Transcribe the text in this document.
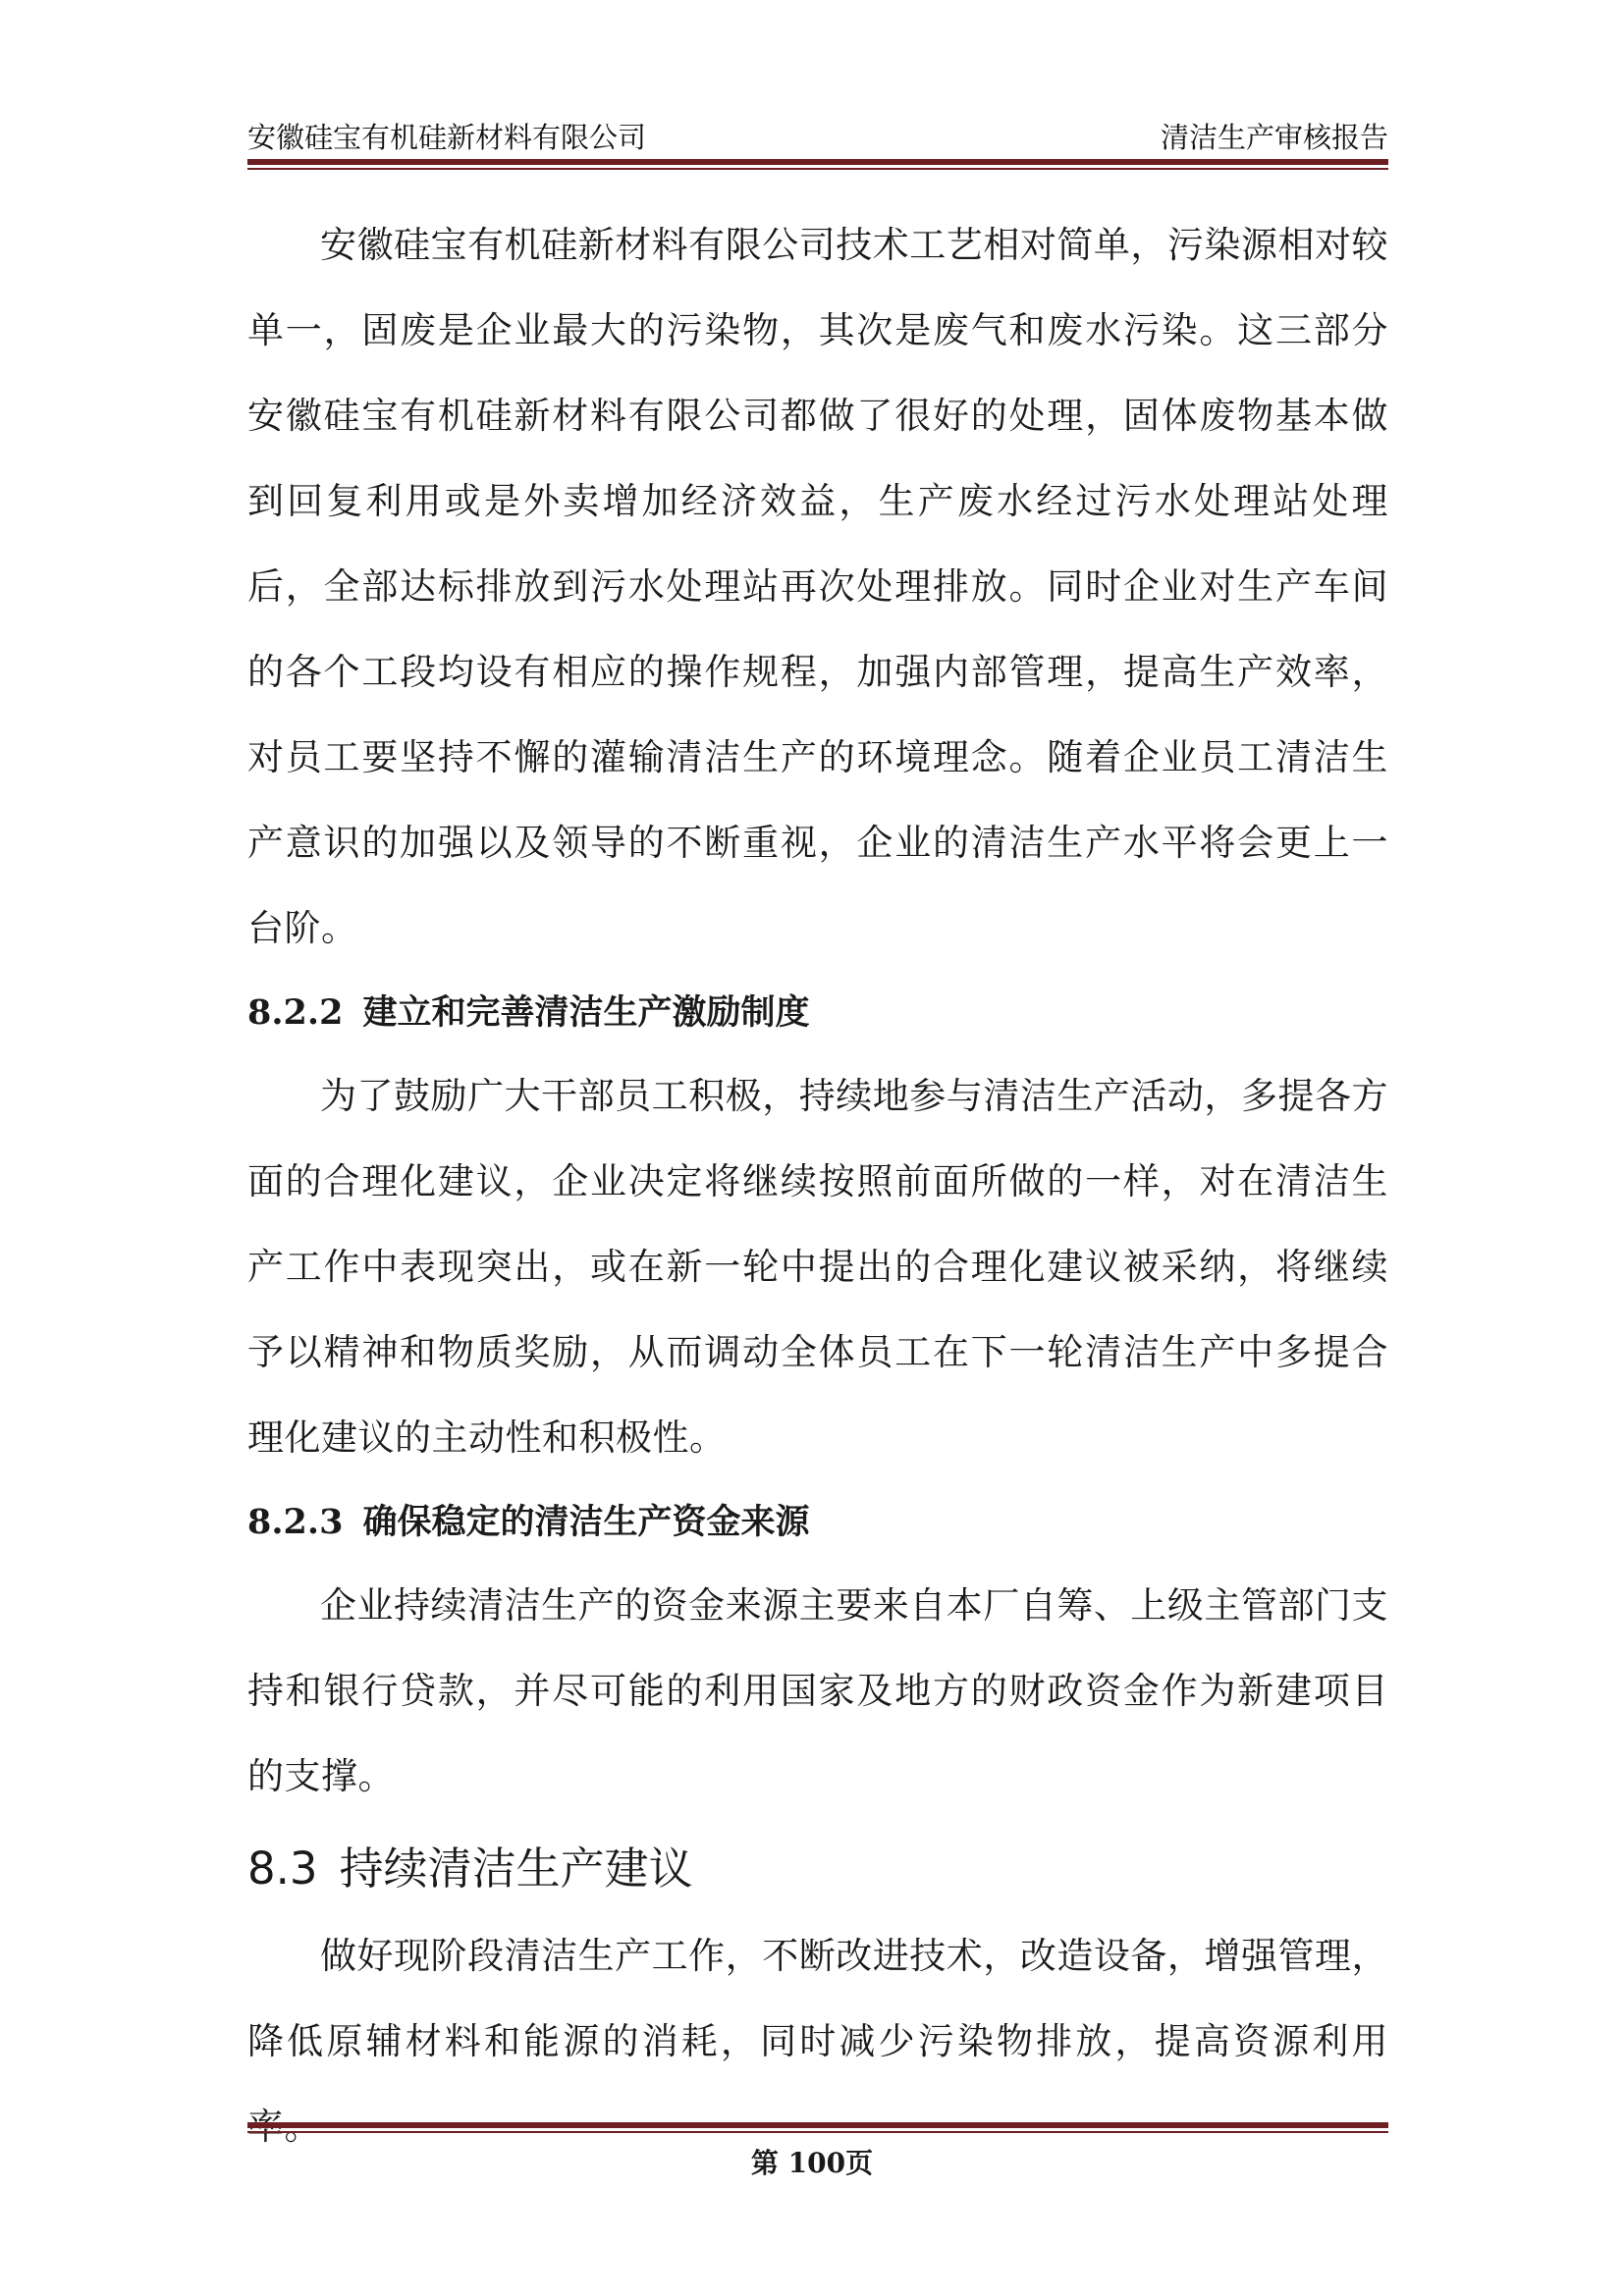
安徽硅宝有机硅新材料有限公司	清洁生产审核报告

安徽硅宝有机硅新材料有限公司技术工艺相对简单，污染源相对较单一，固废是企业最大的污染物，其次是废气和废水污染。这三部分安徽硅宝有机硅新材料有限公司都做了很好的处理，固体废物基本做到回复利用或是外卖增加经济效益，生产废水经过污水处理站处理后，全部达标排放到污水处理站再次处理排放。同时企业对生产车间的各个工段均设有相应的操作规程，加强内部管理，提高生产效率，对员工要坚持不懈的灌输清洁生产的环境理念。随着企业员工清洁生产意识的加强以及领导的不断重视，企业的清洁生产水平将会更上一台阶。

8.2.2 建立和完善清洁生产激励制度

为了鼓励广大干部员工积极，持续地参与清洁生产活动，多提各方面的合理化建议，企业决定将继续按照前面所做的一样，对在清洁生产工作中表现突出，或在新一轮中提出的合理化建议被采纳，将继续予以精神和物质奖励，从而调动全体员工在下一轮清洁生产中多提合理化建议的主动性和积极性。

8.2.3 确保稳定的清洁生产资金来源

企业持续清洁生产的资金来源主要来自本厂自筹、上级主管部门支持和银行贷款，并尽可能的利用国家及地方的财政资金作为新建项目的支撑。

8.3 持续清洁生产建议

做好现阶段清洁生产工作，不断改进技术，改造设备，增强管理，降低原辅材料和能源的消耗，同时减少污染物排放，提高资源利用

第 100页
